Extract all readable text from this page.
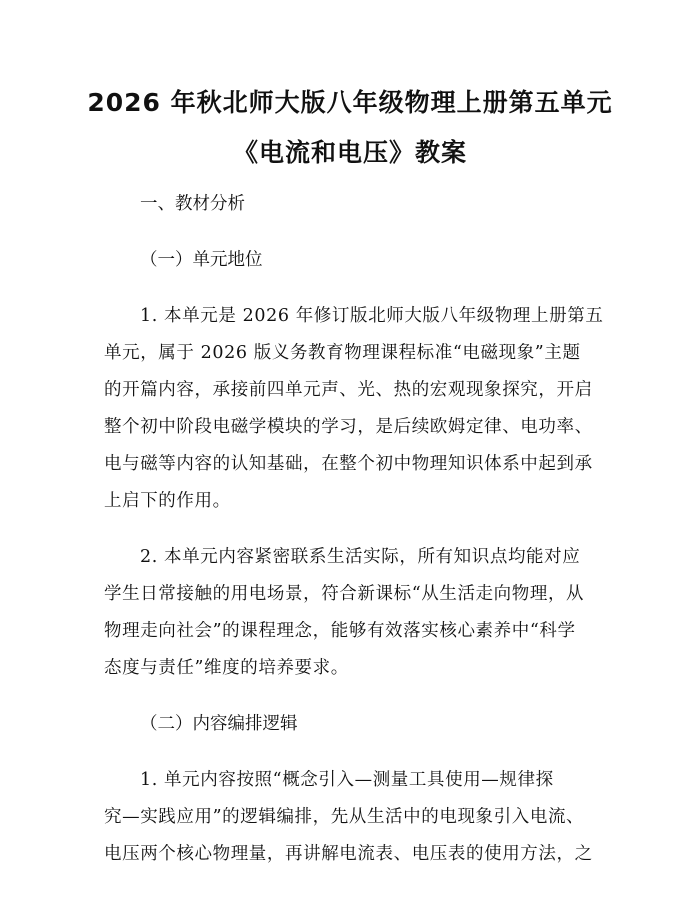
2026 年秋北师大版八年级物理上册第五单元
《电流和电压》教案
一、教材分析
（一）单元地位
1. 本单元是 2026 年修订版北师大版八年级物理上册第五
单元，属于 2026 版义务教育物理课程标准“电磁现象”主题
的开篇内容，承接前四单元声、光、热的宏观现象探究，开启
整个初中阶段电磁学模块的学习，是后续欧姆定律、电功率、
电与磁等内容的认知基础，在整个初中物理知识体系中起到承
上启下的作用。
2. 本单元内容紧密联系生活实际，所有知识点均能对应
学生日常接触的用电场景，符合新课标“从生活走向物理，从
物理走向社会”的课程理念，能够有效落实核心素养中“科学
态度与责任”维度的培养要求。
（二）内容编排逻辑
1. 单元内容按照“概念引入—测量工具使用—规律探
究—实践应用”的逻辑编排，先从生活中的电现象引入电流、
电压两个核心物理量，再讲解电流表、电压表的使用方法，之
